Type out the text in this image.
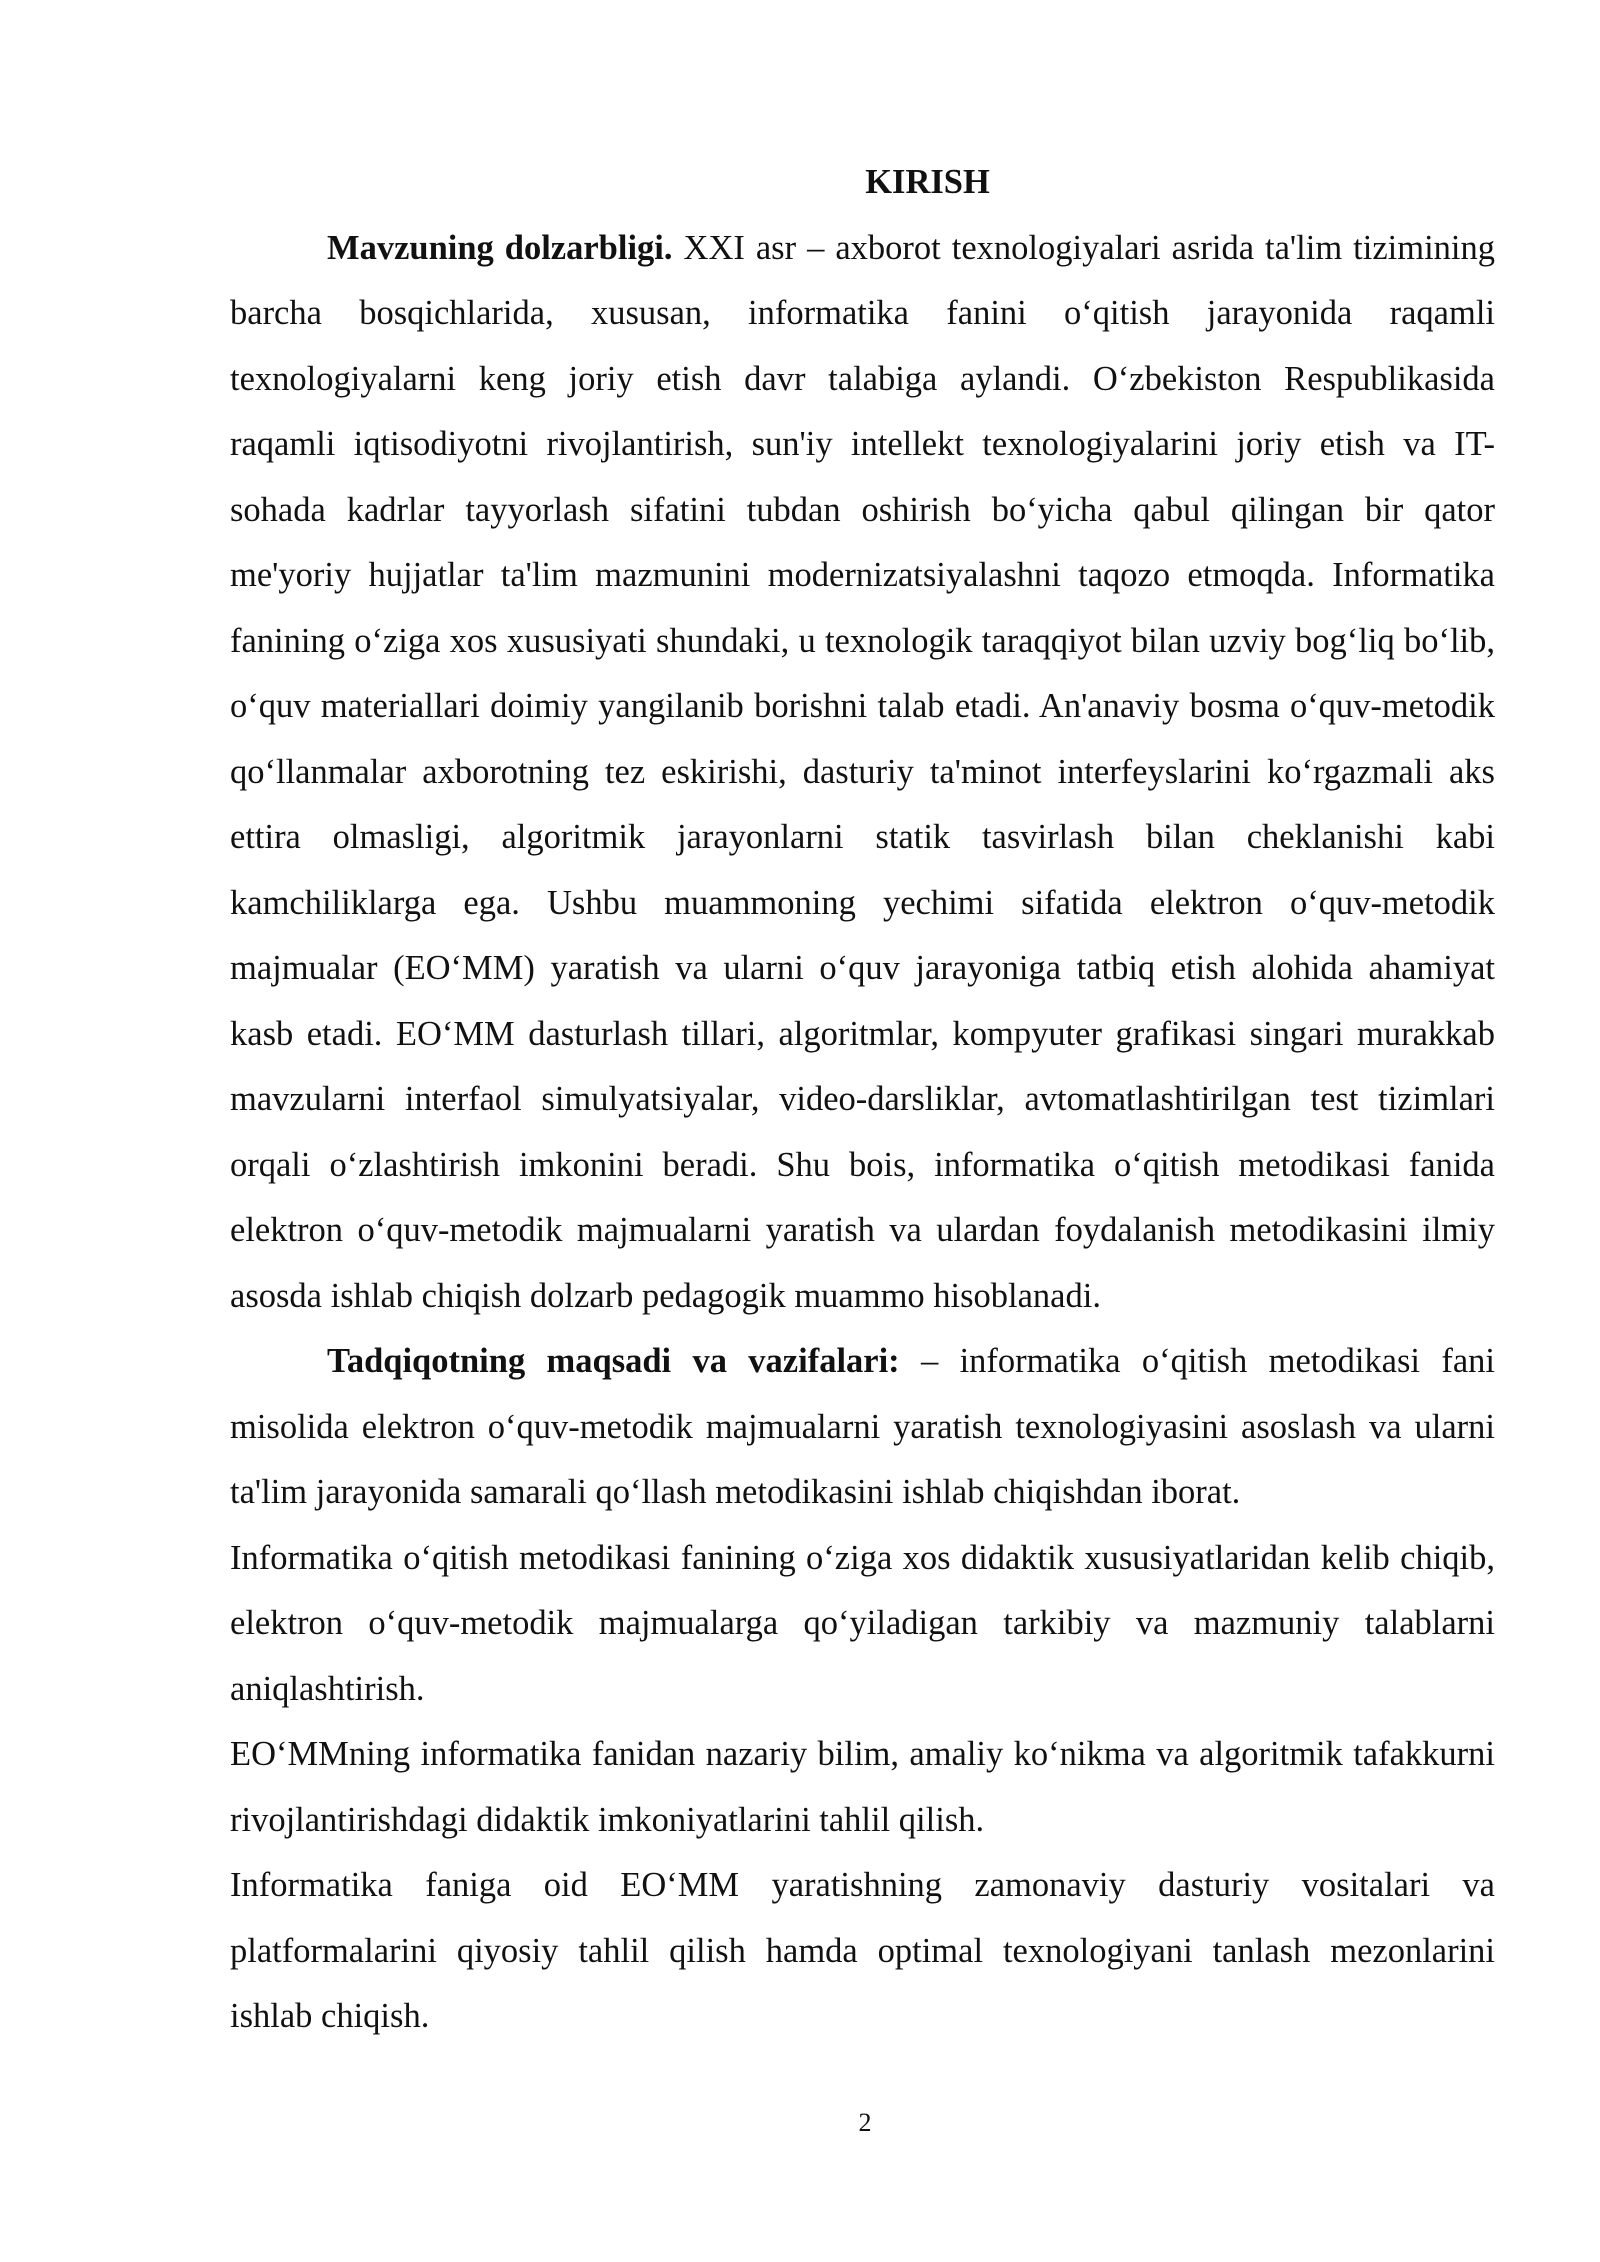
KIRISH

Mavzuning dolzarbligi. XXI asr – axborot texnologiyalari asrida ta'lim tizimining barcha bosqichlarida, xususan, informatika fanini o‘qitish jarayonida raqamli texnologiyalarni keng joriy etish davr talabiga aylandi. O‘zbekiston Respublikasida raqamli iqtisodiyotni rivojlantirish, sun'iy intellekt texnologiyalarini joriy etish va IT-sohada kadrlar tayyorlash sifatini tubdan oshirish bo‘yicha qabul qilingan bir qator me'yoriy hujjatlar ta'lim mazmunini modernizatsiyalashni taqozo etmoqda. Informatika fanining o‘ziga xos xususiyati shundaki, u texnologik taraqqiyot bilan uzviy bog‘liq bo‘lib, o‘quv materiallari doimiy yangilanib borishni talab etadi. An'anaviy bosma o‘quv-metodik qo‘llanmalar axborotning tez eskirishi, dasturiy ta'minot interfeyslarini ko‘rgazmali aks ettira olmasligi, algoritmik jarayonlarni statik tasvirlash bilan cheklanishi kabi kamchiliklarga ega. Ushbu muammoning yechimi sifatida elektron o‘quv-metodik majmualar (EO‘MM) yaratish va ularni o‘quv jarayoniga tatbiq etish alohida ahamiyat kasb etadi. EO‘MM dasturlash tillari, algoritmlar, kompyuter grafikasi singari murakkab mavzularni interfaol simulyatsiyalar, video-darsliklar, avtomatlashtirilgan test tizimlari orqali o‘zlashtirish imkonini beradi. Shu bois, informatika o‘qitish metodikasi fanida elektron o‘quv-metodik majmualarni yaratish va ulardan foydalanish metodikasini ilmiy asosda ishlab chiqish dolzarb pedagogik muammo hisoblanadi.

Tadqiqotning maqsadi va vazifalari: – informatika o‘qitish metodikasi fani misolida elektron o‘quv-metodik majmualarni yaratish texnologiyasini asoslash va ularni ta'lim jarayonida samarali qo‘llash metodikasini ishlab chiqishdan iborat.

Informatika o‘qitish metodikasi fanining o‘ziga xos didaktik xususiyatlaridan kelib chiqib, elektron o‘quv-metodik majmualarga qo‘yiladigan tarkibiy va mazmuniy talablarni aniqlashtirish.

EO‘MMning informatika fanidan nazariy bilim, amaliy ko‘nikma va algoritmik tafakkurni rivojlantirishdagi didaktik imkoniyatlarini tahlil qilish.

Informatika faniga oid EO‘MM yaratishning zamonaviy dasturiy vositalari va platformalarini qiyosiy tahlil qilish hamda optimal texnologiyani tanlash mezonlarini ishlab chiqish.

2
